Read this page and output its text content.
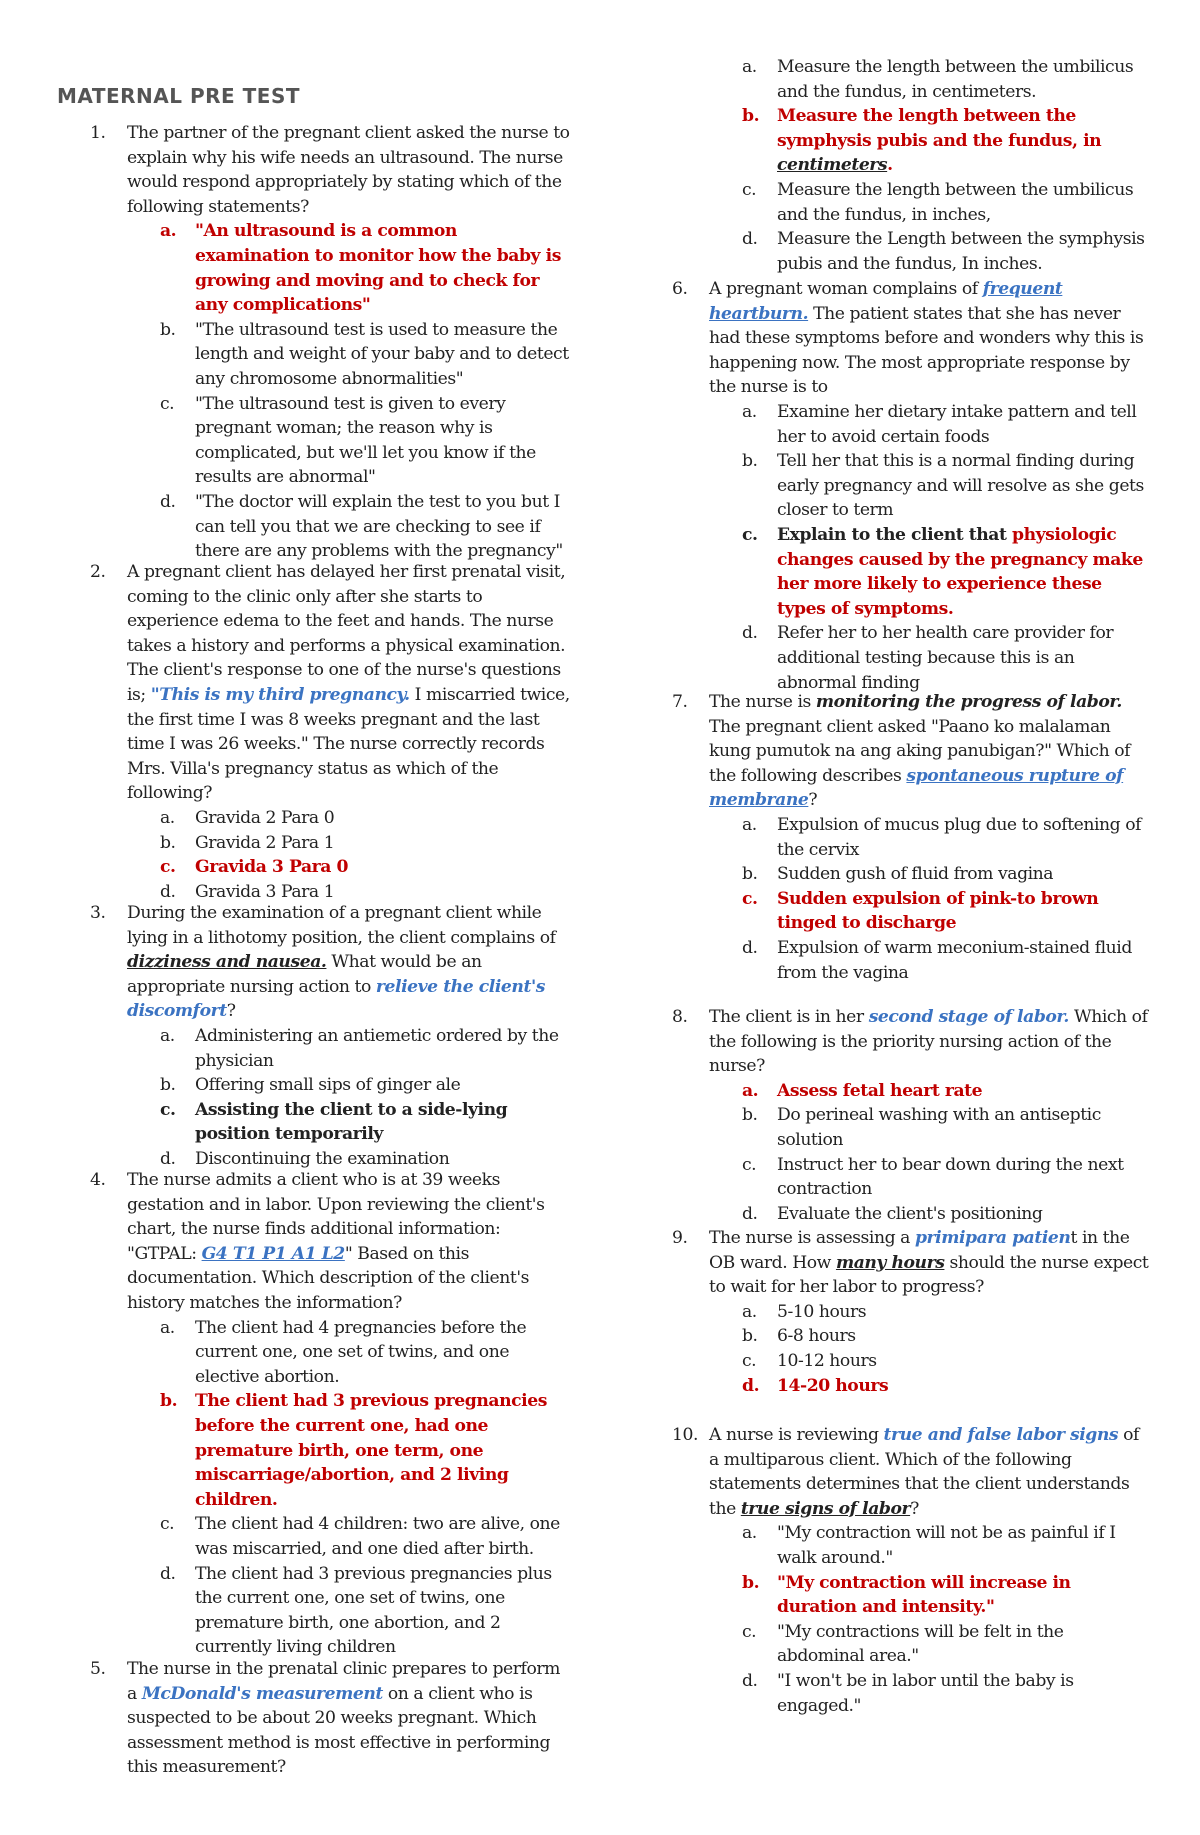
MATERNAL PRE TEST
1.	The partner of the pregnant client asked the nurse to explain why his wife needs an ultrasound. The nurse would respond appropriately by stating which of the following statements?
a. "An ultrasound is a common examination to monitor how the baby is growing and moving and to check for any complications"
b. "The ultrasound test is used to measure the length and weight of your baby and to detect any chromosome abnormalities"
c. "The ultrasound test is given to every pregnant woman; the reason why is complicated, but we'll let you know if the results are abnormal"
d. "The doctor will explain the test to you but I can tell you that we are checking to see if there are any problems with the pregnancy"
2.	A pregnant client has delayed her first prenatal visit, coming to the clinic only after she starts to experience edema to the feet and hands. The nurse takes a history and performs a physical examination. The client's response to one of the nurse's questions is; "This is my third pregnancy. I miscarried twice, the first time I was 8 weeks pregnant and the last time I was 26 weeks." The nurse correctly records Mrs. Villa's pregnancy status as which of the following?
a. Gravida 2 Para 0
b. Gravida 2 Para 1
c. Gravida 3 Para 0
d. Gravida 3 Para 1
3.	During the examination of a pregnant client while lying in a lithotomy position, the client complains of dizziness and nausea. What would be an appropriate nursing action to relieve the client's discomfort?
a. Administering an antiemetic ordered by the physician
b. Offering small sips of ginger ale
c. Assisting the client to a side-lying position temporarily
d. Discontinuing the examination
4.	The nurse admits a client who is at 39 weeks gestation and in labor. Upon reviewing the client's chart, the nurse finds additional information: "GTPAL: G4 T1 P1 A1 L2" Based on this documentation. Which description of the client's history matches the information?
a. The client had 4 pregnancies before the current one, one set of twins, and one elective abortion.
b. The client had 3 previous pregnancies before the current one, had one premature birth, one term, one miscarriage/abortion, and 2 living children.
c. The client had 4 children: two are alive, one was miscarried, and one died after birth.
d. The client had 3 previous pregnancies plus the current one, one set of twins, one premature birth, one abortion, and 2 currently living children
5.	The nurse in the prenatal clinic prepares to perform a McDonald's measurement on a client who is suspected to be about 20 weeks pregnant. Which assessment method is most effective in performing this measurement?
a. Measure the length between the umbilicus and the fundus, in centimeters.
b. Measure the length between the symphysis pubis and the fundus, in centimeters.
c. Measure the length between the umbilicus and the fundus, in inches,
d. Measure the Length between the symphysis pubis and the fundus, In inches.
6.	A pregnant woman complains of frequent heartburn. The patient states that she has never had these symptoms before and wonders why this is happening now. The most appropriate response by the nurse is to
a. Examine her dietary intake pattern and tell her to avoid certain foods
b. Tell her that this is a normal finding during early pregnancy and will resolve as she gets closer to term
c. Explain to the client that physiologic changes caused by the pregnancy make her more likely to experience these types of symptoms.
d. Refer her to her health care provider for additional testing because this is an abnormal finding
7.	The nurse is monitoring the progress of labor. The pregnant client asked "Paano ko malalaman kung pumutok na ang aking panubigan?" Which of the following describes spontaneous rupture of membrane?
a. Expulsion of mucus plug due to softening of the cervix
b. Sudden gush of fluid from vagina
c. Sudden expulsion of pink-to brown tinged to discharge
d. Expulsion of warm meconium-stained fluid from the vagina
8.	The client is in her second stage of labor. Which of the following is the priority nursing action of the nurse?
a. Assess fetal heart rate
b. Do perineal washing with an antiseptic solution
c. Instruct her to bear down during the next contraction
d. Evaluate the client's positioning
9.	The nurse is assessing a primipara patient in the OB ward. How many hours should the nurse expect to wait for her labor to progress?
a. 5-10 hours
b. 6-8 hours
c. 10-12 hours
d. 14-20 hours
10. A nurse is reviewing true and false labor signs of a multiparous client. Which of the following statements determines that the client understands the true signs of labor?
a. "My contraction will not be as painful if I walk around."
b. "My contraction will increase in duration and intensity."
c. "My contractions will be felt in the abdominal area."
d. "I won't be in labor until the baby is engaged."
